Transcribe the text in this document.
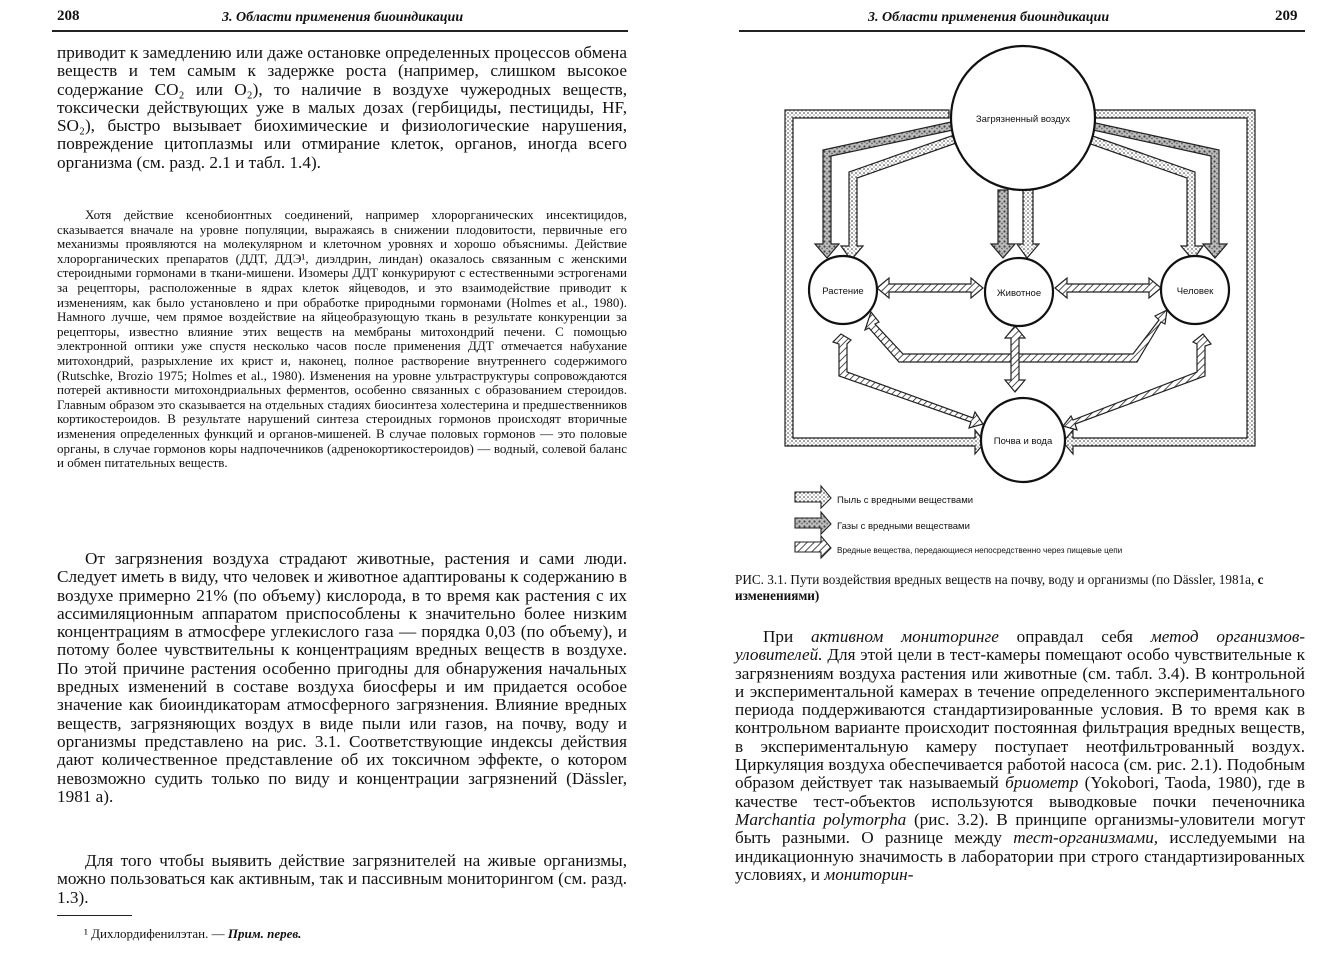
208	3. Области применения биоиндикации

приводит к замедлению или даже остановке определенных процессов обмена веществ и тем самым к задержке роста (например, слишком высокое содержание CO₂ или O₂), то наличие в воздухе чужеродных веществ, токсически действующих уже в малых дозах (гербициды, пестициды, HF, SO₂), быстро вызывает биохимические и физиологические нарушения, повреждение цитоплазмы или отмирание клеток, органов, иногда всего организма (см. разд. 2.1 и табл. 1.4).

Хотя действие ксенобионтных соединений, например хлорорганических инсектицидов, сказывается вначале на уровне популяции, выражаясь в снижении плодовитости, первичные его механизмы проявляются на молекулярном и клеточном уровнях и хорошо объяснимы. Действие хлорорганических препаратов (ДДТ, ДДЭ¹, диэлдрин, линдан) оказалось связанным с женскими стероидными гормонами в ткани-мишени. Изомеры ДДТ конкурируют с естественными эстрогенами за рецепторы, расположенные в ядрах клеток яйцеводов, и это взаимодействие приводит к изменениям, как было установлено и при обработке природными гормонами (Holmes et al., 1980). Намного лучше, чем прямое воздействие на яйцеобразующую ткань в результате конкуренции за рецепторы, известно влияние этих веществ на мембраны митохондрий печени. С помощью электронной оптики уже спустя несколько часов после применения ДДТ отмечается набухание митохондрий, разрыхление их крист и, наконец, полное растворение внутреннего содержимого (Rutschke, Brozio 1975; Holmes et al., 1980). Изменения на уровне ультраструктуры сопровождаются потерей активности митохондриальных ферментов, особенно связанных с образованием стероидов. Главным образом это сказывается на отдельных стадиях биосинтеза холестерина и предшественников кортикостероидов. В результате нарушений синтеза стероидных гормонов происходят вторичные изменения определенных функций и органов-мишеней. В случае половых гормонов — это половые органы, в случае гормонов коры надпочечников (адренокортикостероидов) — водный, солевой баланс и обмен питательных веществ.

От загрязнения воздуха страдают животные, растения и сами люди. Следует иметь в виду, что человек и животное адаптированы к содержанию в воздухе примерно 21% (по объему) кислорода, в то время как растения с их ассимиляционным аппаратом приспособлены к значительно более низким концентрациям в атмосфере углекислого газа — порядка 0,03 (по объему), и потому более чувствительны к концентрациям вредных веществ в воздухе. По этой причине растения особенно пригодны для обнаружения начальных вредных изменений в составе воздуха биосферы и им придается особое значение как биоиндикаторам атмосферного загрязнения. Влияние вредных веществ, загрязняющих воздух в виде пыли или газов, на почву, воду и организмы представлено на рис. 3.1. Соответствующие индексы действия дают количественное представление об их токсичном эффекте, о котором невозможно судить только по виду и концентрации загрязнений (Dässler, 1981 a).

Для того чтобы выявить действие загрязнителей на живые организмы, можно пользоваться как активным, так и пассивным мониторингом (см. разд. 1.3).

¹ Дихлордифенилэтан. — Прим. перев.
3. Области применения биоиндикации	209
Загрязненный воздух
Растение	Животное	Человек
Почва и вода
Пыль с вредными веществами
Газы с вредными веществами
Вредные вещества, передающиеся непосредственно через пищевые цепи
РИС. 3.1. Пути воздействия вредных веществ на почву, воду и организмы (по Dässler, 1981a, с изменениями)

При активном мониторинге оправдал себя метод организмов-уловителей. Для этой цели в тест-камеры помещают особо чувствительные к загрязнениям воздуха растения или животные (см. табл. 3.4). В контрольной и экспериментальной камерах в течение определенного экспериментального периода поддерживаются стандартизированные условия. В то время как в контрольном варианте происходит постоянная фильтрация вредных веществ, в экспериментальную камеру поступает неотфильтрованный воздух. Циркуляция воздуха обеспечивается работой насоса (см. рис. 2.1). Подобным образом действует так называемый бриометр (Yokobori, Taoda, 1980), где в качестве тест-объектов используются выводковые почки печеночника Marchantia polymorpha (рис. 3.2). В принципе организмы-уловители могут быть разными. О разнице между тест-организмами, исследуемыми на индикационную значимость в лаборатории при строго стандартизированных условиях, и мониторин-
